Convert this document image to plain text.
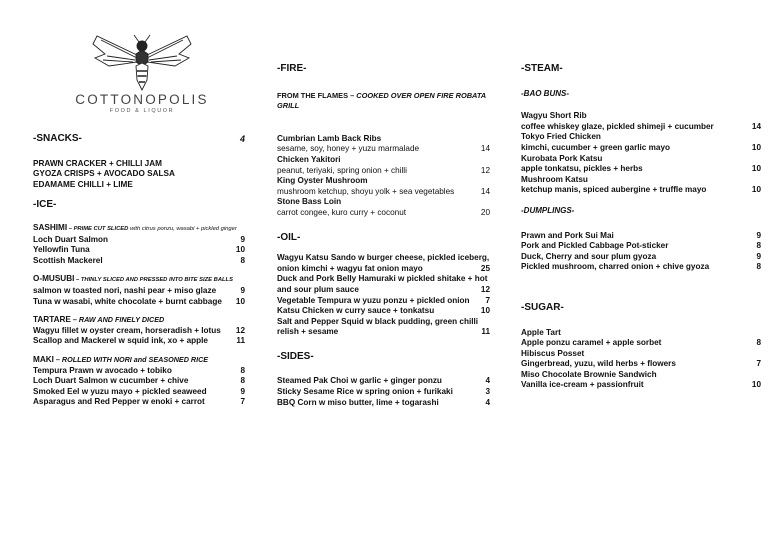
COTTONOPOLIS
FOOD & LIQUOR
-SNACKS-	4
PRAWN CRACKER + CHILLI JAM
GYOZA CRISPS + AVOCADO SALSA
EDAMAME CHILLI + LIME
-ICE-
SASHIMI – PRIME CUT SLICED with citrus ponzu, wasabi + pickled ginger
Loch Duart Salmon	9
Yellowfin Tuna	10
Scottish Mackerel	8
O-MUSUBI – THINLY SLICED AND PRESSED INTO BITE SIZE BALLS
salmon w toasted nori, nashi pear + miso glaze	9
Tuna w wasabi, white chocolate + burnt cabbage	10
TARTARE – RAW AND FINELY DICED
Wagyu fillet w oyster cream, horseradish + lotus	12
Scallop and Mackerel w squid ink, xo + apple	11
MAKI – ROLLED WITH NORI and SEASONED RICE
Tempura Prawn w avocado + tobiko	8
Loch Duart Salmon w cucumber + chive	8
Smoked Eel w yuzu mayo + pickled seaweed	9
Asparagus and Red Pepper w enoki + carrot	7
-FIRE-
FROM THE FLAMES – COOKED OVER OPEN FIRE ROBATA GRILL
Cumbrian Lamb Back Ribs
sesame, soy, honey + yuzu marmalade	14
Chicken Yakitori
peanut, teriyaki, spring onion + chilli	12
King Oyster Mushroom
mushroom ketchup, shoyu yolk + sea vegetables	14
Stone Bass Loin
carrot congee, kuro curry + coconut	20
-OIL-
Wagyu Katsu Sando w burger cheese, pickled iceberg,
onion kimchi + wagyu fat onion mayo	25
Duck and Pork Belly Hamuraki w pickled shitake + hot
and sour plum sauce	12
Vegetable Tempura w yuzu ponzu + pickled onion	7
Katsu Chicken w curry sauce + tonkatsu	10
Salt and Pepper Squid w black pudding, green chilli
relish + sesame	11
-SIDES-
Steamed Pak Choi w garlic + ginger ponzu	4
Sticky Sesame Rice w spring onion + furikaki	3
BBQ Corn w miso butter, lime + togarashi	4
-STEAM-
-BAO BUNS-
Wagyu Short Rib
coffee whiskey glaze, pickled shimeji + cucumber	14
Tokyo Fried Chicken
kimchi, cucumber + green garlic mayo	10
Kurobata Pork Katsu
apple tonkatsu, pickles + herbs	10
Mushroom Katsu
ketchup manis, spiced aubergine + truffle mayo	10
-DUMPLINGS-
Prawn and Pork Sui Mai	9
Pork and Pickled Cabbage Pot-sticker	8
Duck, Cherry and sour plum gyoza	9
Pickled mushroom, charred onion + chive gyoza	8
-SUGAR-
Apple Tart
Apple ponzu caramel + apple sorbet	8
Hibiscus Posset
Gingerbread, yuzu, wild herbs + flowers	7
Miso Chocolate Brownie Sandwich
Vanilla ice-cream + passionfruit	10
